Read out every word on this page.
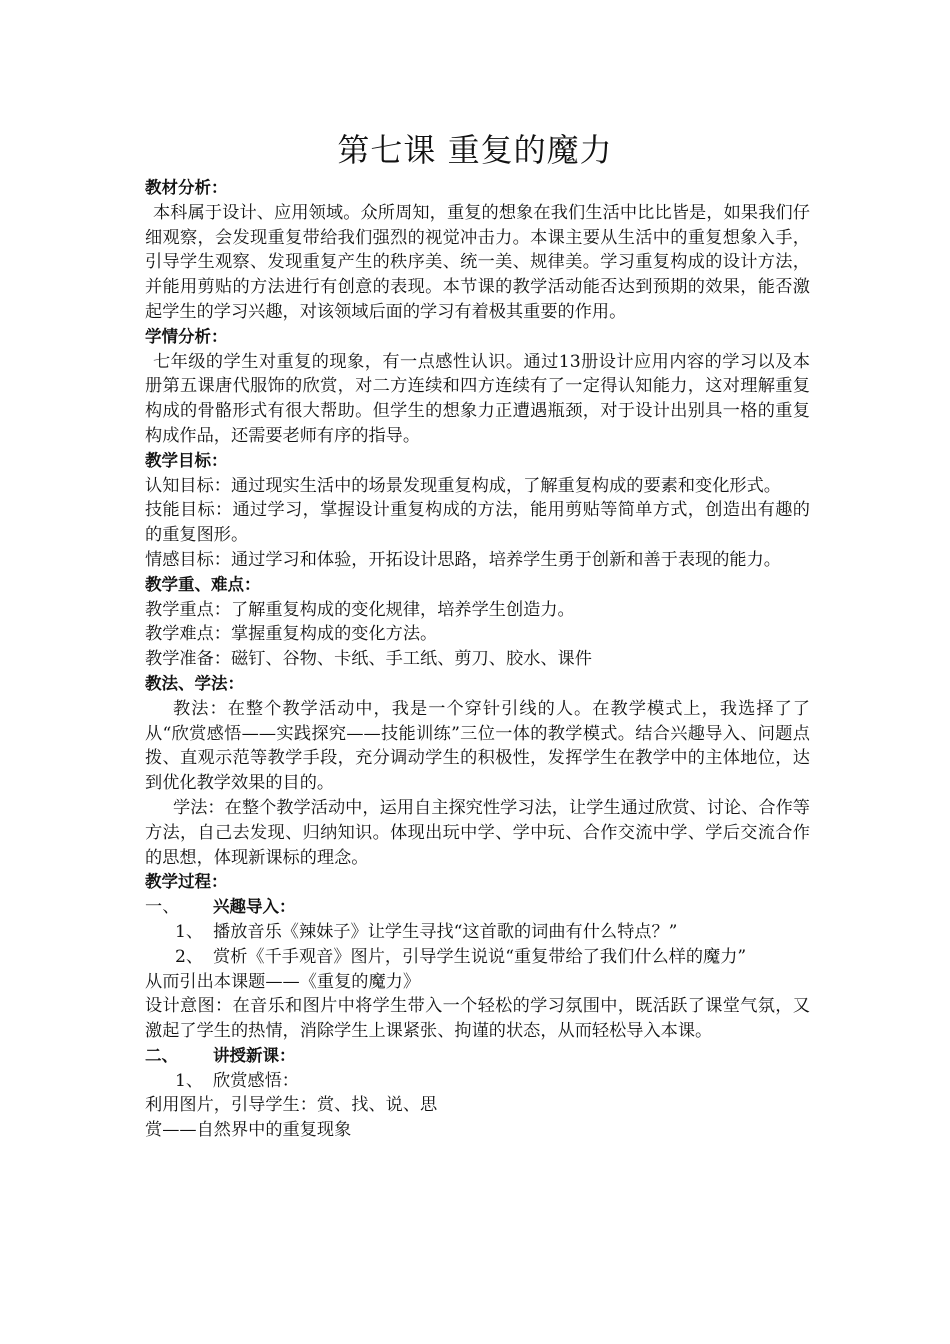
第七课 重复的魔力

教材分析：

本科属于设计、应用领域。众所周知，重复的想象在我们生活中比比皆是，如果我们仔细观察，会发现重复带给我们强烈的视觉冲击力。本课主要从生活中的重复想象入手，引导学生观察、发现重复产生的秩序美、统一美、规律美。学习重复构成的设计方法，并能用剪贴的方法进行有创意的表现。本节课的教学活动能否达到预期的效果，能否激起学生的学习兴趣，对该领域后面的学习有着极其重要的作用。

学情分析：

七年级的学生对重复的现象，有一点感性认识。通过13册设计应用内容的学习以及本册第五课唐代服饰的欣赏，对二方连续和四方连续有了一定得认知能力，这对理解重复构成的骨骼形式有很大帮助。但学生的想象力正遭遇瓶颈，对于设计出别具一格的重复构成作品，还需要老师有序的指导。

教学目标：

认知目标：通过现实生活中的场景发现重复构成，了解重复构成的要素和变化形式。

技能目标：通过学习，掌握设计重复构成的方法，能用剪贴等简单方式，创造出有趣的的重复图形。

情感目标：通过学习和体验，开拓设计思路，培养学生勇于创新和善于表现的能力。

教学重、难点：

教学重点：了解重复构成的变化规律，培养学生创造力。

教学难点：掌握重复构成的变化方法。

教学准备：磁钉、谷物、卡纸、手工纸、剪刀、胶水、课件

教法、学法：

教法：在整个教学活动中，我是一个穿针引线的人。在教学模式上，我选择了了从“欣赏感悟——实践探究——技能训练”三位一体的教学模式。结合兴趣导入、问题点拨、直观示范等教学手段，充分调动学生的积极性，发挥学生在教学中的主体地位，达到优化教学效果的目的。

学法：在整个教学活动中，运用自主探究性学习法，让学生通过欣赏、讨论、合作等方法，自己去发现、归纳知识。体现出玩中学、学中玩、合作交流中学、学后交流合作的思想，体现新课标的理念。

教学过程：

一、	兴趣导入：
1、 播放音乐《辣妹子》让学生寻找“这首歌的词曲有什么特点？”
2、 赏析《千手观音》图片，引导学生说说“重复带给了我们什么样的魔力”

从而引出本课题——《重复的魔力》

设计意图：在音乐和图片中将学生带入一个轻松的学习氛围中，既活跃了课堂气氛，又激起了学生的热情，消除学生上课紧张、拘谨的状态，从而轻松导入本课。

二、	讲授新课：
1、 欣赏感悟：

利用图片，引导学生：赏、找、说、思

赏——自然界中的重复现象
